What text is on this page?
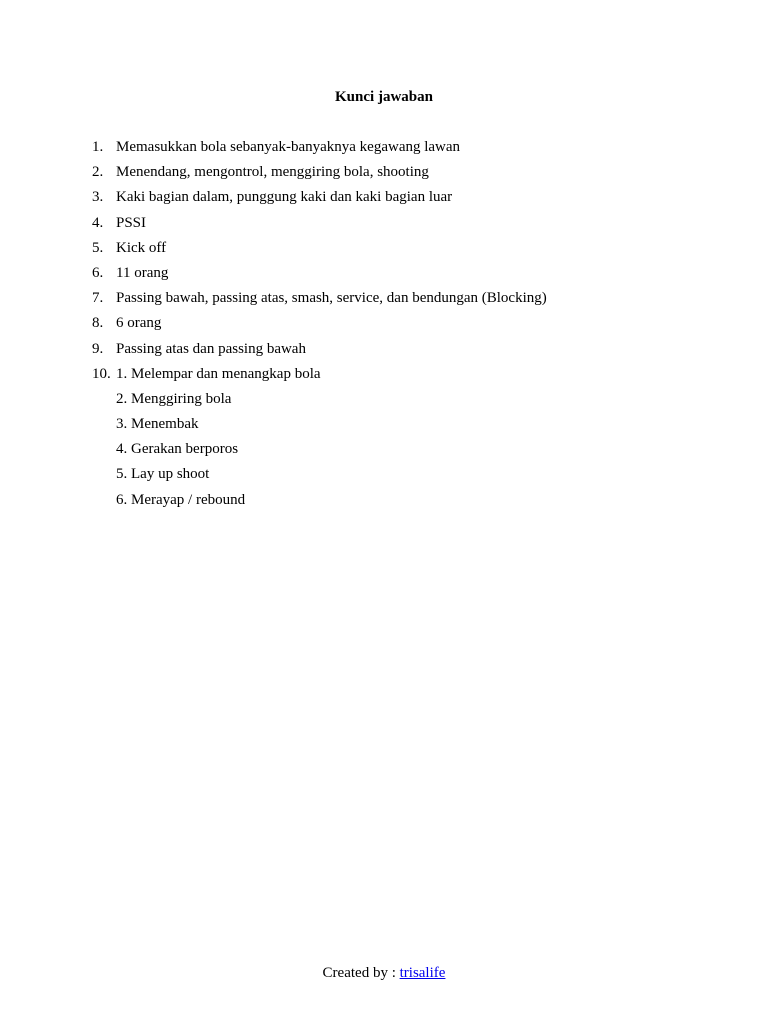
Kunci jawaban
1. Memasukkan bola sebanyak-banyaknya kegawang lawan
2. Menendang, mengontrol, menggiring bola, shooting
3. Kaki bagian dalam, punggung kaki dan kaki bagian luar
4. PSSI
5. Kick off
6. 11 orang
7. Passing bawah, passing atas, smash, service, dan bendungan (Blocking)
8. 6 orang
9. Passing atas dan passing bawah
10. 1. Melempar dan menangkap bola
2. Menggiring bola
3. Menembak
4. Gerakan berporos
5. Lay up shoot
6. Merayap / rebound
Created by : trisalife
